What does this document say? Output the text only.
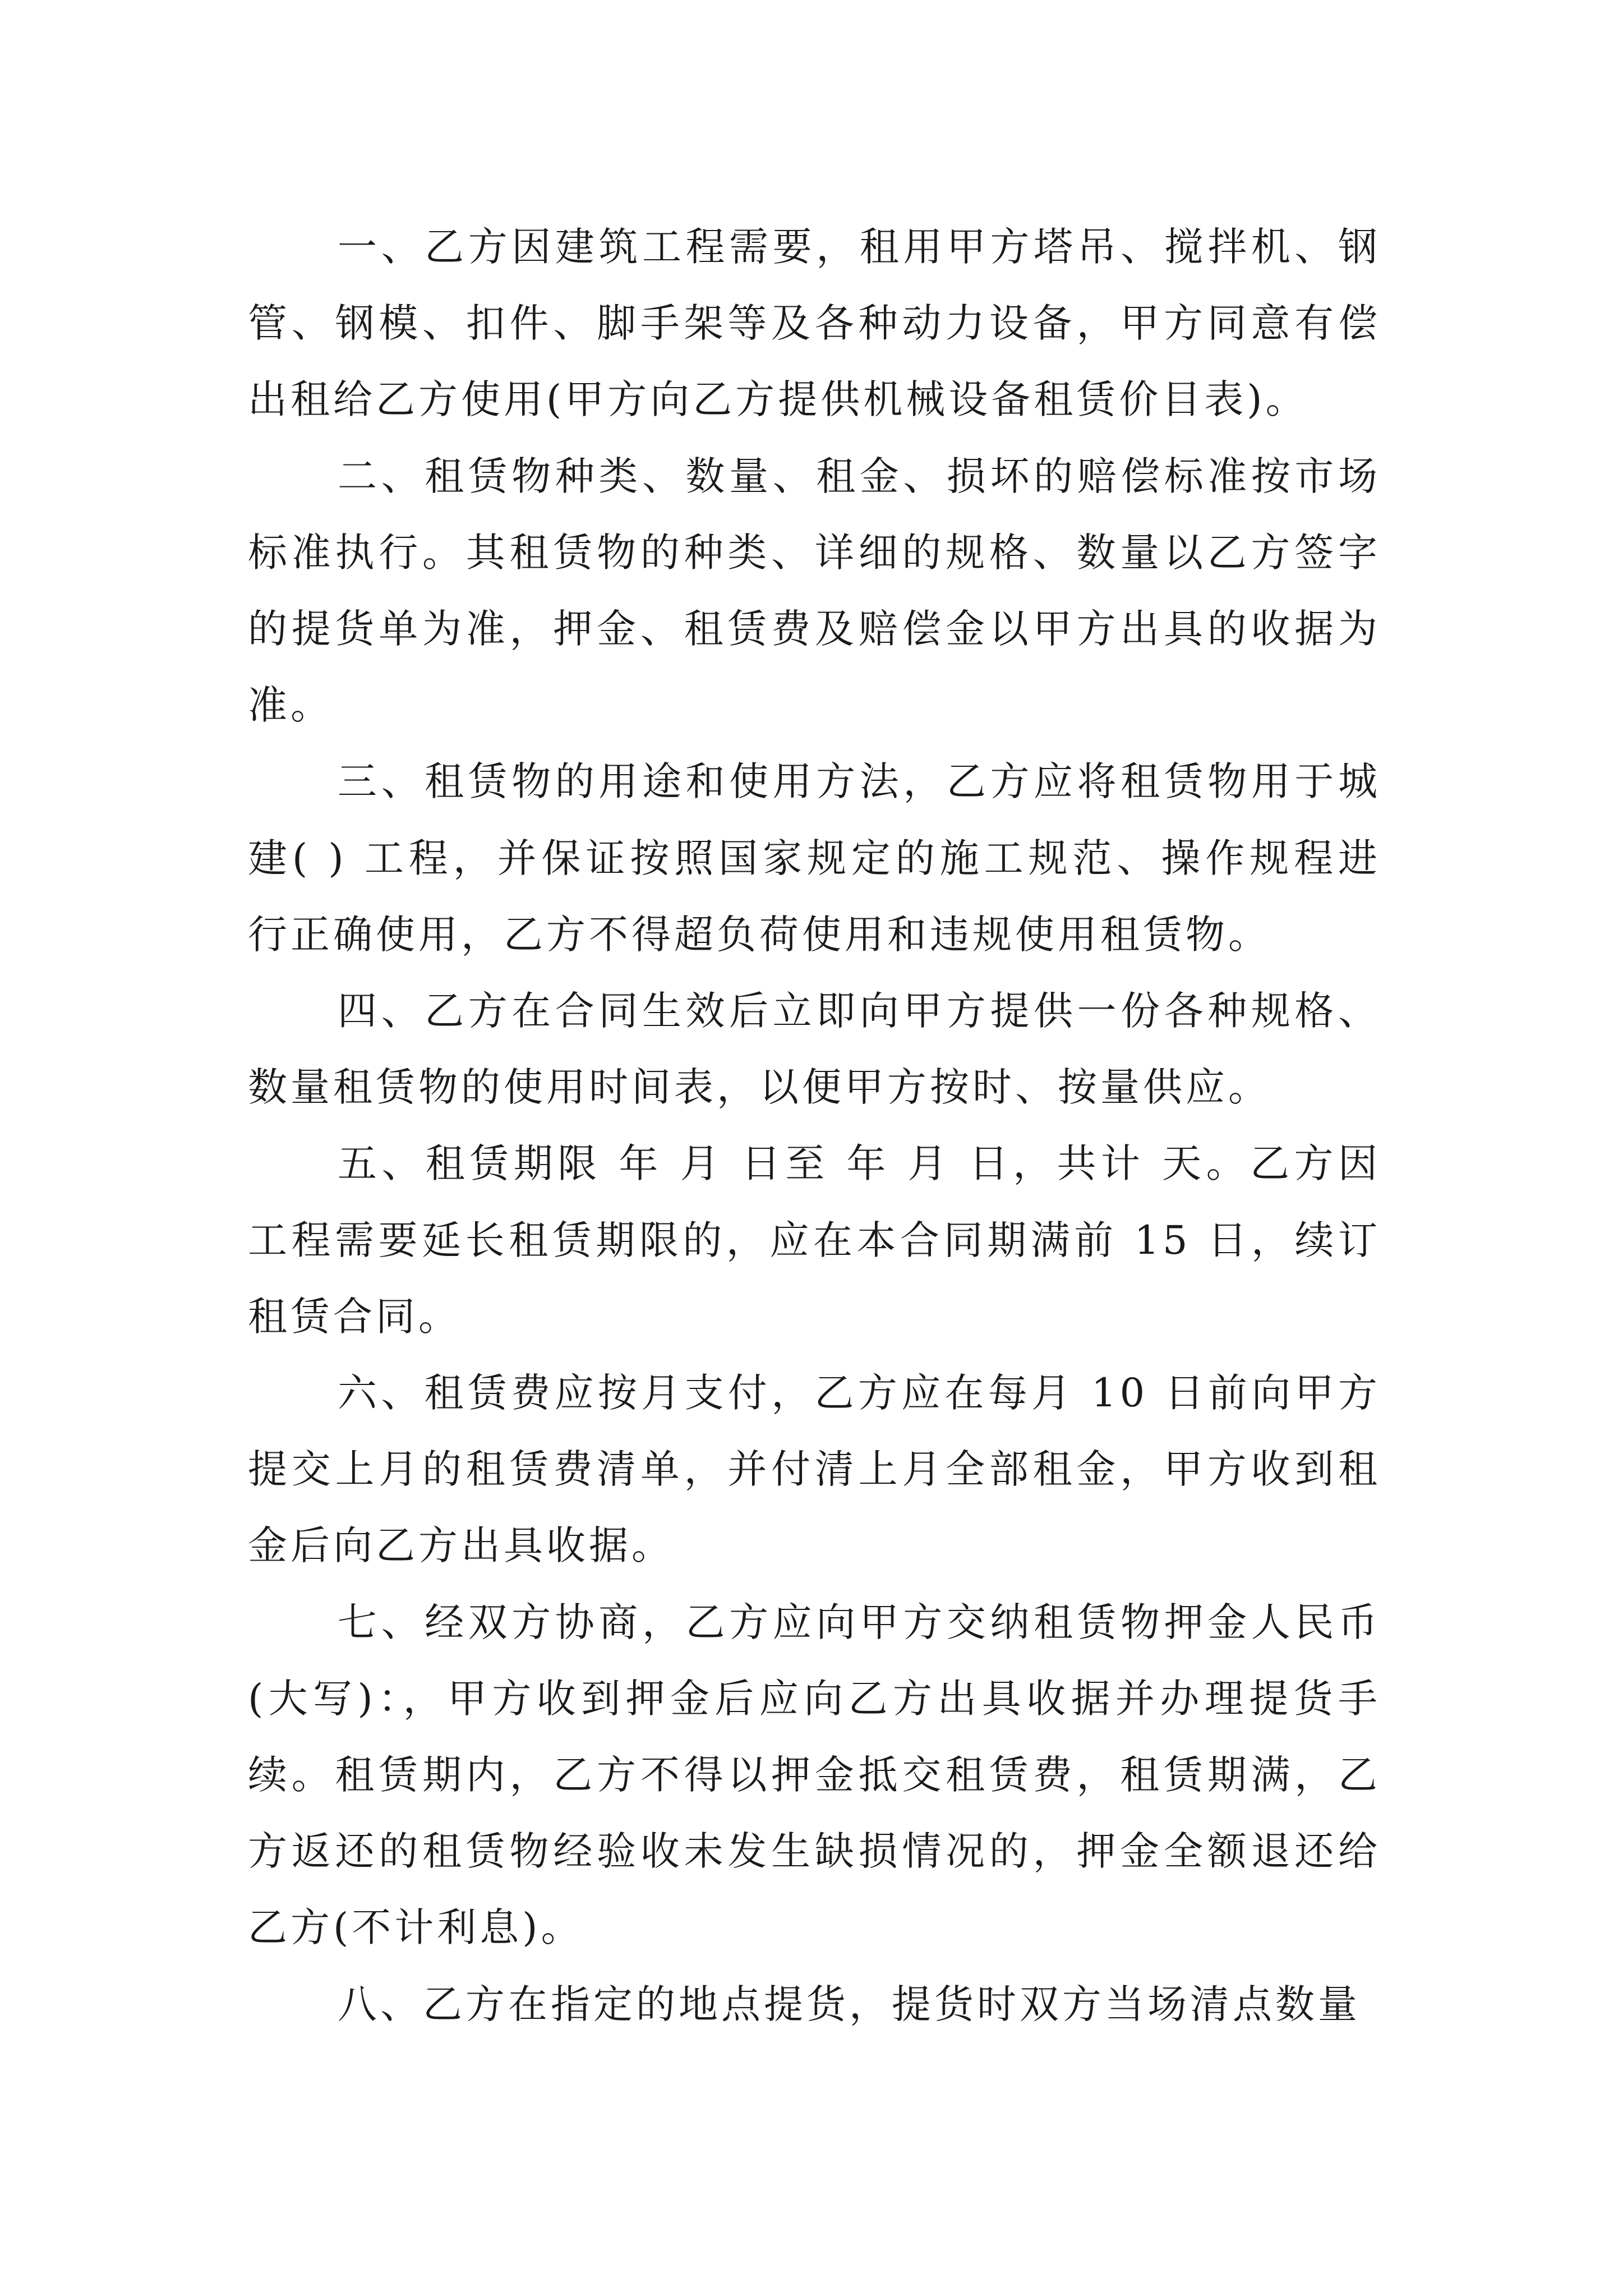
一、乙方因建筑工程需要，租用甲方塔吊、搅拌机、钢管、钢模、扣件、脚手架等及各种动力设备，甲方同意有偿出租给乙方使用(甲方向乙方提供机械设备租赁价目表)。

二、租赁物种类、数量、租金、损坏的赔偿标准按市场标准执行。其租赁物的种类、详细的规格、数量以乙方签字的提货单为准，押金、租赁费及赔偿金以甲方出具的收据为准。

三、租赁物的用途和使用方法，乙方应将租赁物用于城建( ) 工程，并保证按照国家规定的施工规范、操作规程进行正确使用，乙方不得超负荷使用和违规使用租赁物。

四、乙方在合同生效后立即向甲方提供一份各种规格、数量租赁物的使用时间表，以便甲方按时、按量供应。

五、租赁期限 年 月 日至 年 月 日，共计 天。乙方因工程需要延长租赁期限的，应在本合同期满前 15 日，续订租赁合同。

六、租赁费应按月支付，乙方应在每月 10 日前向甲方提交上月的租赁费清单，并付清上月全部租金，甲方收到租金后向乙方出具收据。

七、经双方协商，乙方应向甲方交纳租赁物押金人民币(大写)：，甲方收到押金后应向乙方出具收据并办理提货手续。租赁期内，乙方不得以押金抵交租赁费，租赁期满，乙方返还的租赁物经验收未发生缺损情况的，押金全额退还给乙方(不计利息)。

八、乙方在指定的地点提货，提货时双方当场清点数量
